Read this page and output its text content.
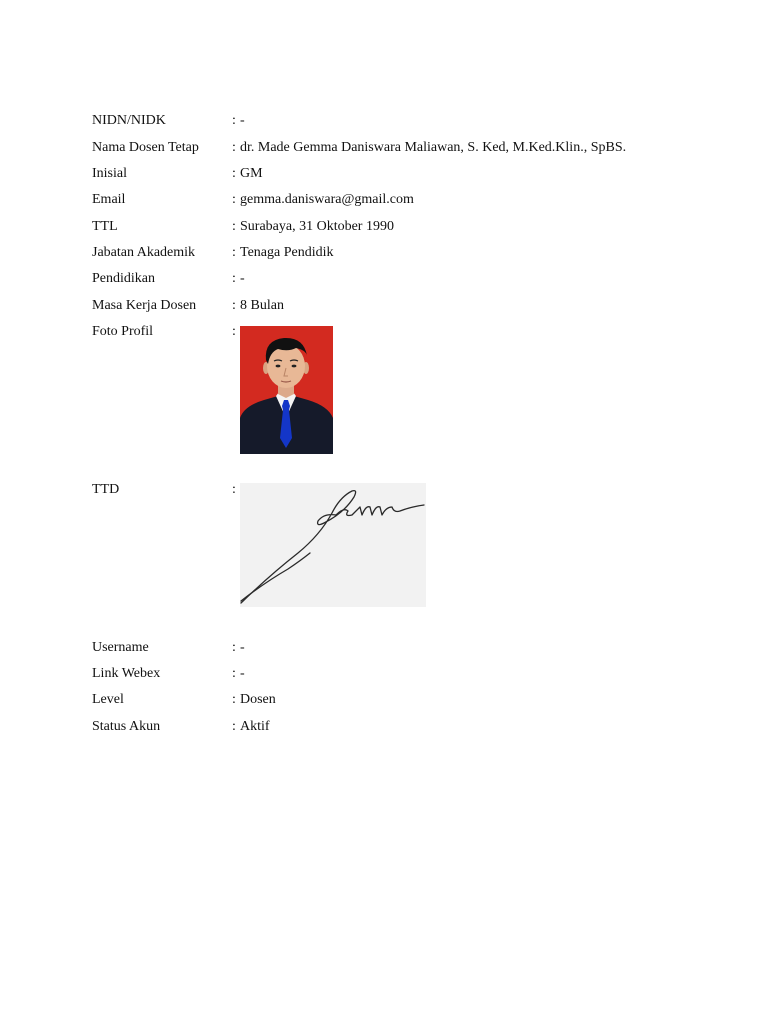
NIDN/NIDK	: -
Nama Dosen Tetap	: dr. Made Gemma Daniswara Maliawan, S. Ked, M.Ked.Klin., SpBS.
Inisial	: GM
Email	: gemma.daniswara@gmail.com
TTL	: Surabaya, 31 Oktober 1990
Jabatan Akademik	: Tenaga Pendidik
Pendidikan	: -
Masa Kerja Dosen	: 8 Bulan
Foto Profil	:
TTD	:
Username	: -
Link Webex	: -
Level	: Dosen
Status Akun	: Aktif
